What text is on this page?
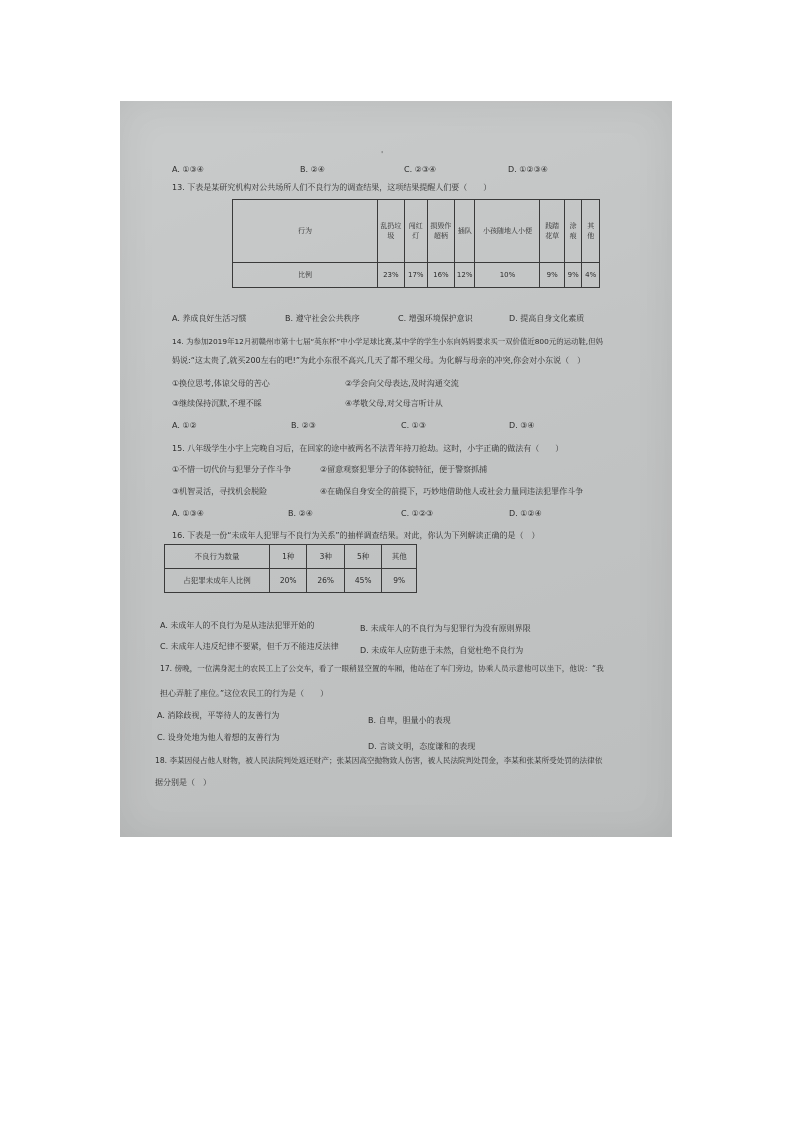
A. ①③④	B. ②④	C. ②③④	D. ①②③④
'
13. 下表是某研究机构对公共场所人们不良行为的调查结果，这项结果提醒人们要（　　）
行为	乱扔垃圾	闯红灯	损毁作超柄	插队	小孩随地人小便	践踏花草	涂痕	其他
比例	23%	17%	16%	12%	10%	9%	9%	4%
A. 养成良好生活习惯	B. 遵守社会公共秩序	C. 增强环境保护意识	D. 提高自身文化素质
14. 为参加2019年12月初赣州市第十七届“英东杯”中小学足球比赛,某中学的学生小东向妈妈要求买一双价值近800元的运动鞋,但妈
妈说:“这太贵了,就买200左右的吧!”为此小东很不高兴,几天了都不理父母。为化解与母亲的冲突,你会对小东说（　）
①换位思考,体谅父母的苦心	②学会向父母表达,及时沟通交流
③继续保持沉默,不理不睬	④孝敬父母,对父母言听计从
A. ①②	B. ②③	C. ①③	D. ③④
15. 八年级学生小宇上完晚自习后，在回家的途中被两名不法青年持刀抢劫。这时，小宇正确的做法有（　　）
①不惜一切代价与犯罪分子作斗争	②留意观察犯罪分子的体貌特征，便于警察抓捕
③机智灵活，寻找机会脱险	④在确保自身安全的前提下，巧妙地借助他人或社会力量同违法犯罪作斗争
A. ①③④	B. ②④	C. ①②③	D. ①②④
16. 下表是一份“未成年人犯罪与不良行为关系”的抽样调查结果。对此，你认为下列解读正确的是（　）
不良行为数量	1种	3种	5种	其他
占犯罪未成年人比例	20%	26%	45%	9%
A. 未成年人的不良行为是从违法犯罪开始的	B. 未成年人的不良行为与犯罪行为没有原则界限
C. 未成年人违反纪律不要紧，但千万不能违反法律	D. 未成年人应防患于未然，自觉杜绝不良行为
17. 傍晚，一位满身泥土的农民工上了公交车，看了一眼稍显空置的车厢，他站在了车门旁边，协乘人员示意他可以坐下，他说：“我
担心弄脏了座位。”这位农民工的行为是（　　）
A. 消除歧视，平等待人的友善行为
B. 自卑，胆量小的表现
C. 设身处地为他人着想的友善行为
D. 言谈文明，态度谦和的表现
18. 李某因侵占他人财物，被人民法院判处返还财产；张某因高空抛物致人伤害，被人民法院判处罚金，李某和张某所受处罚的法律依
据分别是（　）
